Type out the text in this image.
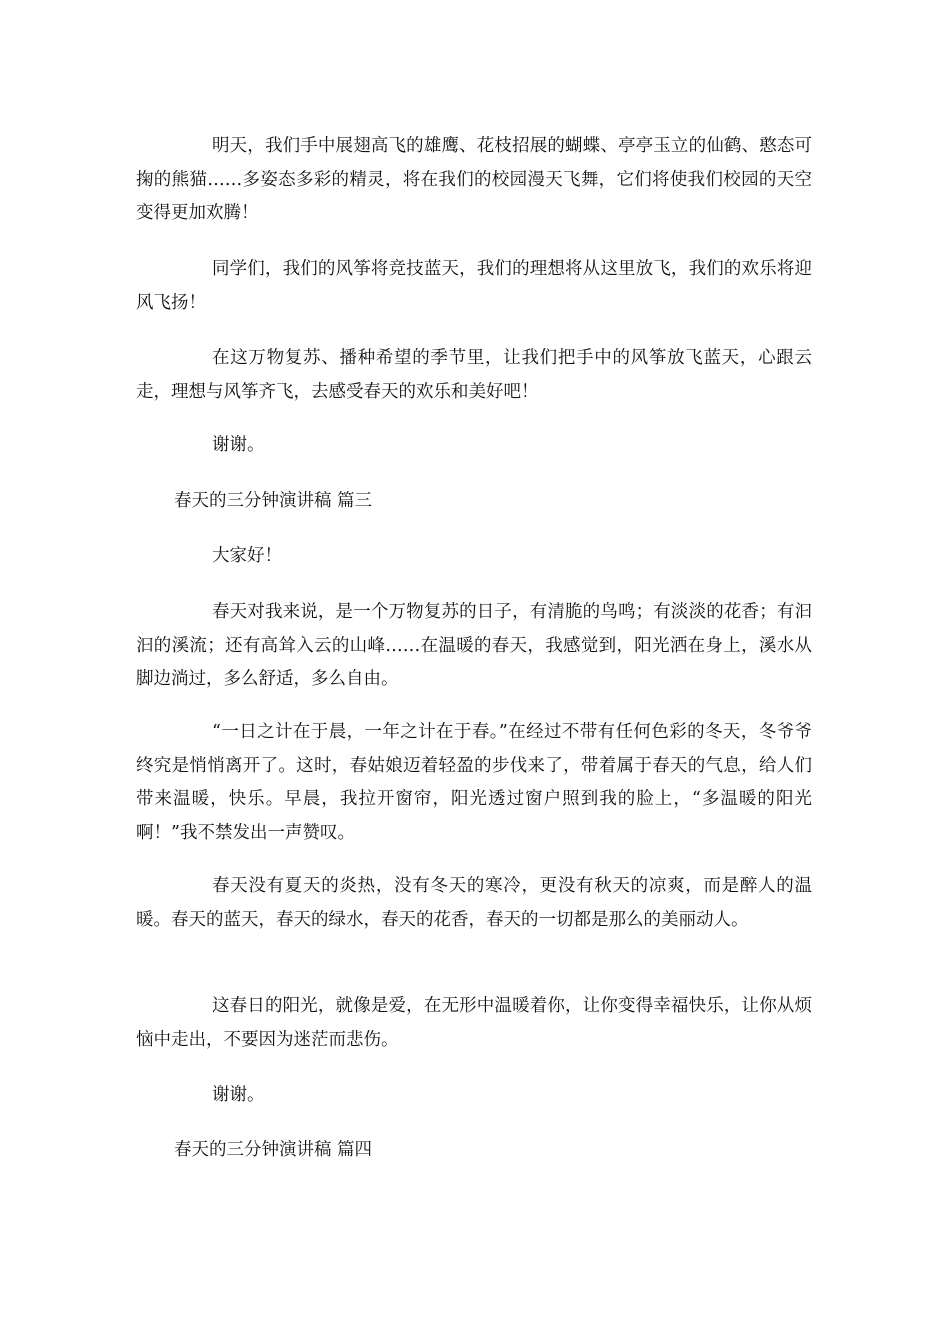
明天，我们手中展翅高飞的雄鹰、花枝招展的蝴蝶、亭亭玉立的仙鹤、憨态可掬的熊猫……多姿态多彩的精灵，将在我们的校园漫天飞舞，它们将使我们校园的天空变得更加欢腾！

同学们，我们的风筝将竞技蓝天，我们的理想将从这里放飞，我们的欢乐将迎风飞扬！

在这万物复苏、播种希望的季节里，让我们把手中的风筝放飞蓝天，心跟云走，理想与风筝齐飞，去感受春天的欢乐和美好吧！

谢谢。

春天的三分钟演讲稿 篇三

大家好！

春天对我来说，是一个万物复苏的日子，有清脆的鸟鸣；有淡淡的花香；有汩汩的溪流；还有高耸入云的山峰……在温暖的春天，我感觉到，阳光洒在身上，溪水从脚边淌过，多么舒适，多么自由。

“一日之计在于晨，一年之计在于春。”在经过不带有任何色彩的冬天，冬爷爷终究是悄悄离开了。这时，春姑娘迈着轻盈的步伐来了，带着属于春天的气息，给人们带来温暖，快乐。早晨，我拉开窗帘，阳光透过窗户照到我的脸上，“多温暖的阳光啊！”我不禁发出一声赞叹。

春天没有夏天的炎热，没有冬天的寒冷，更没有秋天的凉爽，而是醉人的温暖。春天的蓝天，春天的绿水，春天的花香，春天的一切都是那么的美丽动人。

这春日的阳光，就像是爱，在无形中温暖着你，让你变得幸福快乐，让你从烦恼中走出，不要因为迷茫而悲伤。

谢谢。

春天的三分钟演讲稿 篇四
